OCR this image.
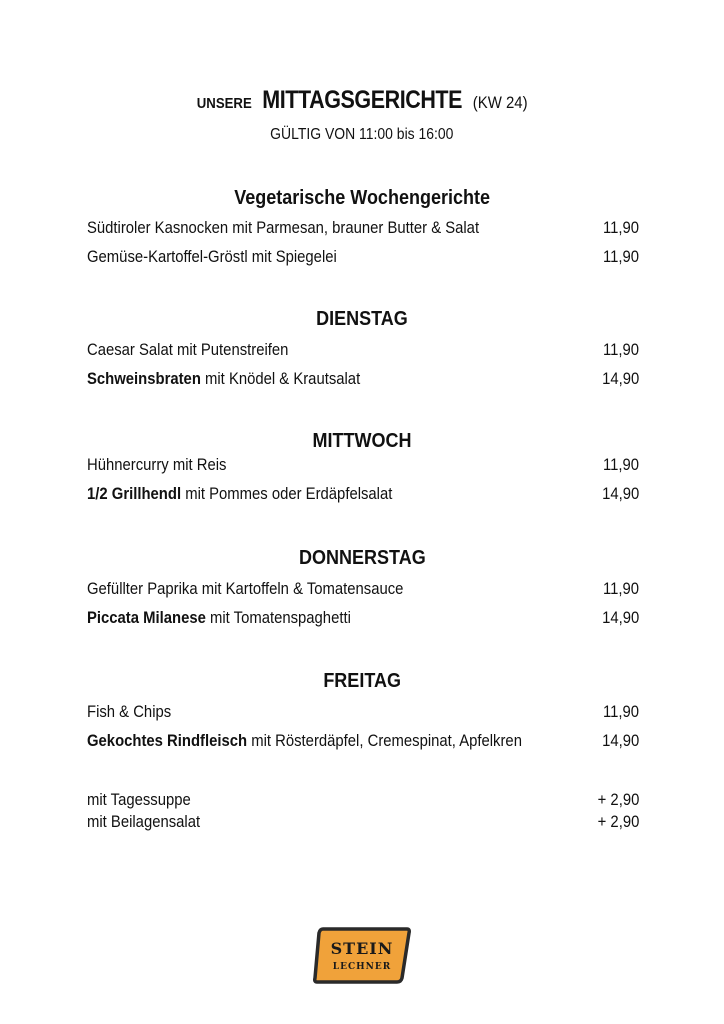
UNSERE MITTAGSGERICHTE (KW 24)
GÜLTIG VON 11:00 bis 16:00
Vegetarische Wochengerichte
Südtiroler Kasnocken mit Parmesan, brauner Butter & Salat	11,90
Gemüse-Kartoffel-Gröstl mit Spiegelei	11,90
DIENSTAG
Caesar Salat mit Putenstreifen	11,90
Schweinsbraten mit Knödel & Krautsalat	14,90
MITTWOCH
Hühnercurry mit Reis	11,90
1/2 Grillhendl mit Pommes oder Erdäpfelsalat	14,90
DONNERSTAG
Gefüllter Paprika mit Kartoffeln & Tomatensauce	11,90
Piccata Milanese mit Tomatenspaghetti	14,90
FREITAG
Fish & Chips	11,90
Gekochtes Rindfleisch mit Rösterdäpfel, Cremespinat, Apfelkren	14,90
mit Tagessuppe	+ 2,90
mit Beilagensalat	+ 2,90
STEIN
LECHNER
